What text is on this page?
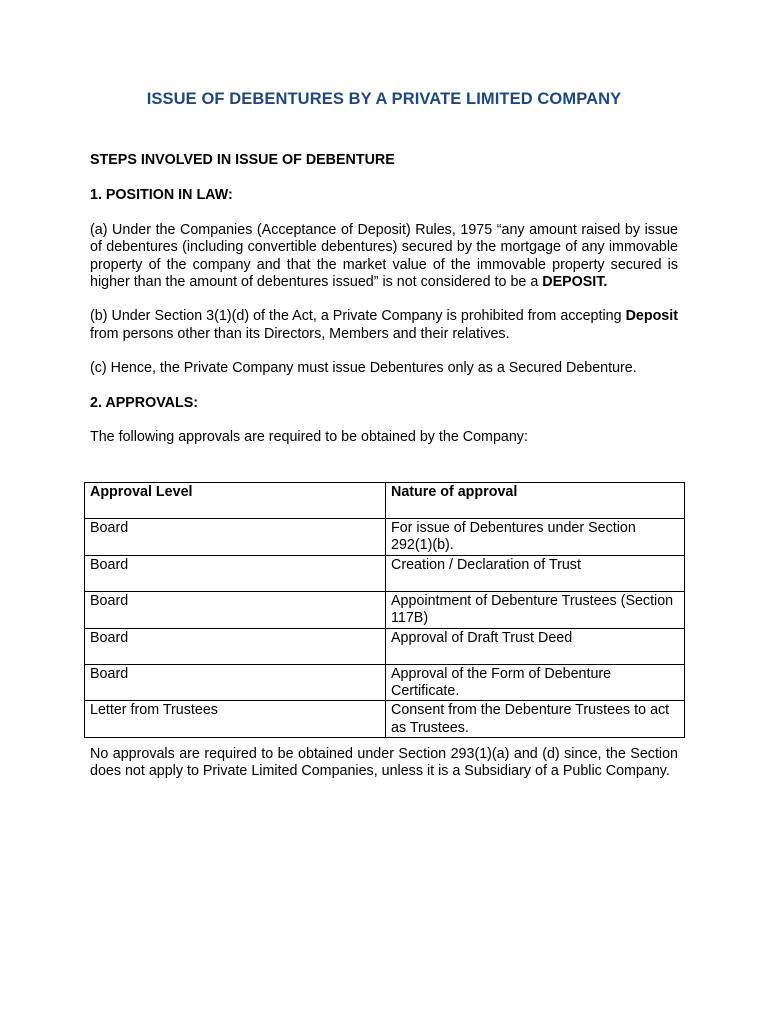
ISSUE OF DEBENTURES BY A PRIVATE LIMITED COMPANY
STEPS INVOLVED IN ISSUE OF DEBENTURE
1. POSITION IN LAW:

(a) Under the Companies (Acceptance of Deposit) Rules, 1975 “any amount raised by issue of debentures (including convertible debentures) secured by the mortgage of any immovable property of the company and that the market value of the immovable property secured is higher than the amount of debentures issued” is not considered to be a DEPOSIT.

(b) Under Section 3(1)(d) of the Act, a Private Company is prohibited from accepting Deposit from persons other than its Directors, Members and their relatives.

(c) Hence, the Private Company must issue Debentures only as a Secured Debenture.

2. APPROVALS:

The following approvals are required to be obtained by the Company:

Approval Level	Nature of approval
Board	For issue of Debentures under Section 292(1)(b).
Board	Creation / Declaration of Trust
Board	Appointment of Debenture Trustees (Section 117B)
Board	Approval of Draft Trust Deed
Board	Approval of the Form of Debenture Certificate.
Letter from Trustees	Consent from the Debenture Trustees to act as Trustees.

No approvals are required to be obtained under Section 293(1)(a) and (d) since, the Section does not apply to Private Limited Companies, unless it is a Subsidiary of a Public Company.
